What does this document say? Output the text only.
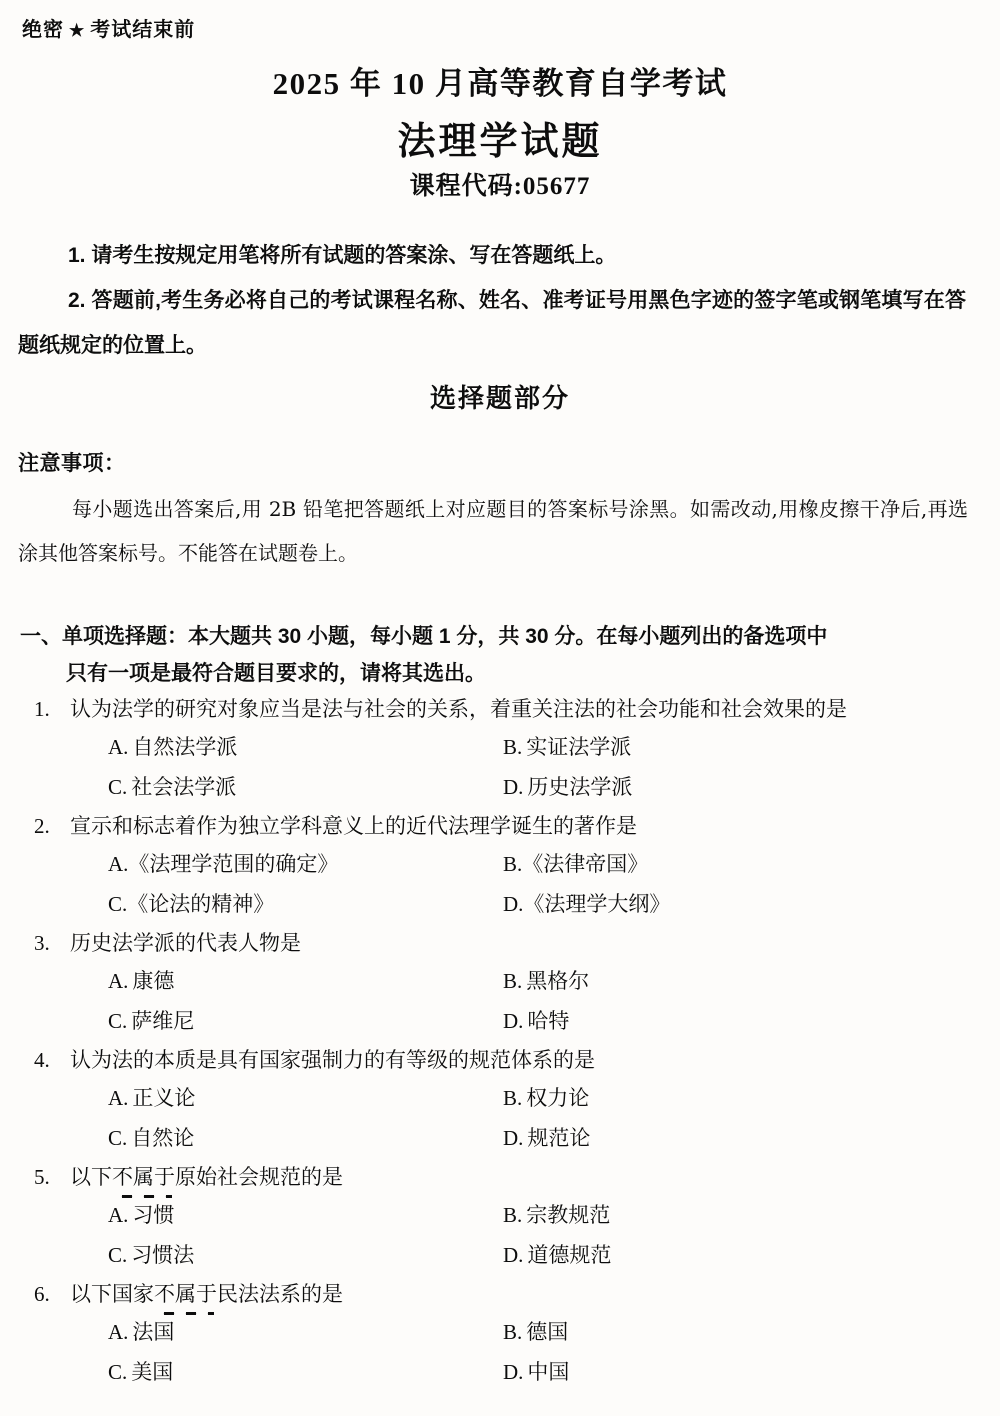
绝密 ★ 考试结束前
2025 年 10 月高等教育自学考试
法理学试题
课程代码:05677

1. 请考生按规定用笔将所有试题的答案涂、写在答题纸上。

2. 答题前,考生务必将自己的考试课程名称、姓名、准考证号用黑色字迹的签字笔或钢笔填写在答题纸规定的位置上。

选择题部分
注意事项：
每小题选出答案后,用 2B 铅笔把答题纸上对应题目的答案标号涂黑。如需改动,用橡皮擦干净后,再选涂其他答案标号。不能答在试题卷上。
一、单项选择题：本大题共 30 小题，每小题 1 分，共 30 分。在每小题列出的备选项中
只有一项是最符合题目要求的，请将其选出。
1. 认为法学的研究对象应当是法与社会的关系，着重关注法的社会功能和社会效果的是
A. 自然法学派	B. 实证法学派
C. 社会法学派	D. 历史法学派
2. 宣示和标志着作为独立学科意义上的近代法理学诞生的著作是
A.《法理学范围的确定》	B.《法律帝国》
C.《论法的精神》	D.《法理学大纲》
3. 历史法学派的代表人物是
A. 康德	B. 黑格尔
C. 萨维尼	D. 哈特
4. 认为法的本质是具有国家强制力的有等级的规范体系的是
A. 正义论	B. 权力论
C. 自然论	D. 规范论
5. 以下不属于原始社会规范的是
A. 习惯	B. 宗教规范
C. 习惯法	D. 道德规范
6. 以下国家不属于民法法系的是
A. 法国	B. 德国
C. 美国	D. 中国
